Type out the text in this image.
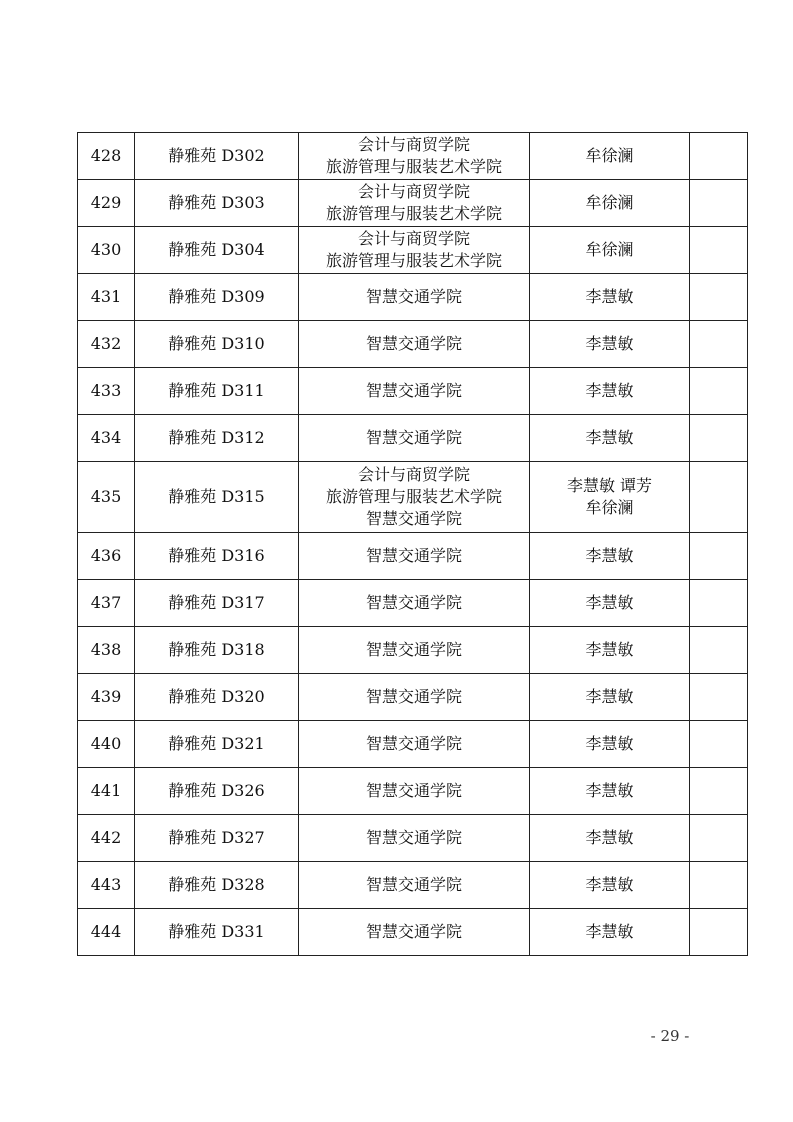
428	静雅苑 D302	会计与商贸学院
旅游管理与服装艺术学院	牟徐澜	
429	静雅苑 D303	会计与商贸学院
旅游管理与服装艺术学院	牟徐澜	
430	静雅苑 D304	会计与商贸学院
旅游管理与服装艺术学院	牟徐澜	
431	静雅苑 D309	智慧交通学院	李慧敏	
432	静雅苑 D310	智慧交通学院	李慧敏	
433	静雅苑 D311	智慧交通学院	李慧敏	
434	静雅苑 D312	智慧交通学院	李慧敏	
435	静雅苑 D315	会计与商贸学院
旅游管理与服装艺术学院
智慧交通学院	李慧敏 谭芳
牟徐澜	
436	静雅苑 D316	智慧交通学院	李慧敏	
437	静雅苑 D317	智慧交通学院	李慧敏	
438	静雅苑 D318	智慧交通学院	李慧敏	
439	静雅苑 D320	智慧交通学院	李慧敏	
440	静雅苑 D321	智慧交通学院	李慧敏	
441	静雅苑 D326	智慧交通学院	李慧敏	
442	静雅苑 D327	智慧交通学院	李慧敏	
443	静雅苑 D328	智慧交通学院	李慧敏	
444	静雅苑 D331	智慧交通学院	李慧敏	
- 29 -
